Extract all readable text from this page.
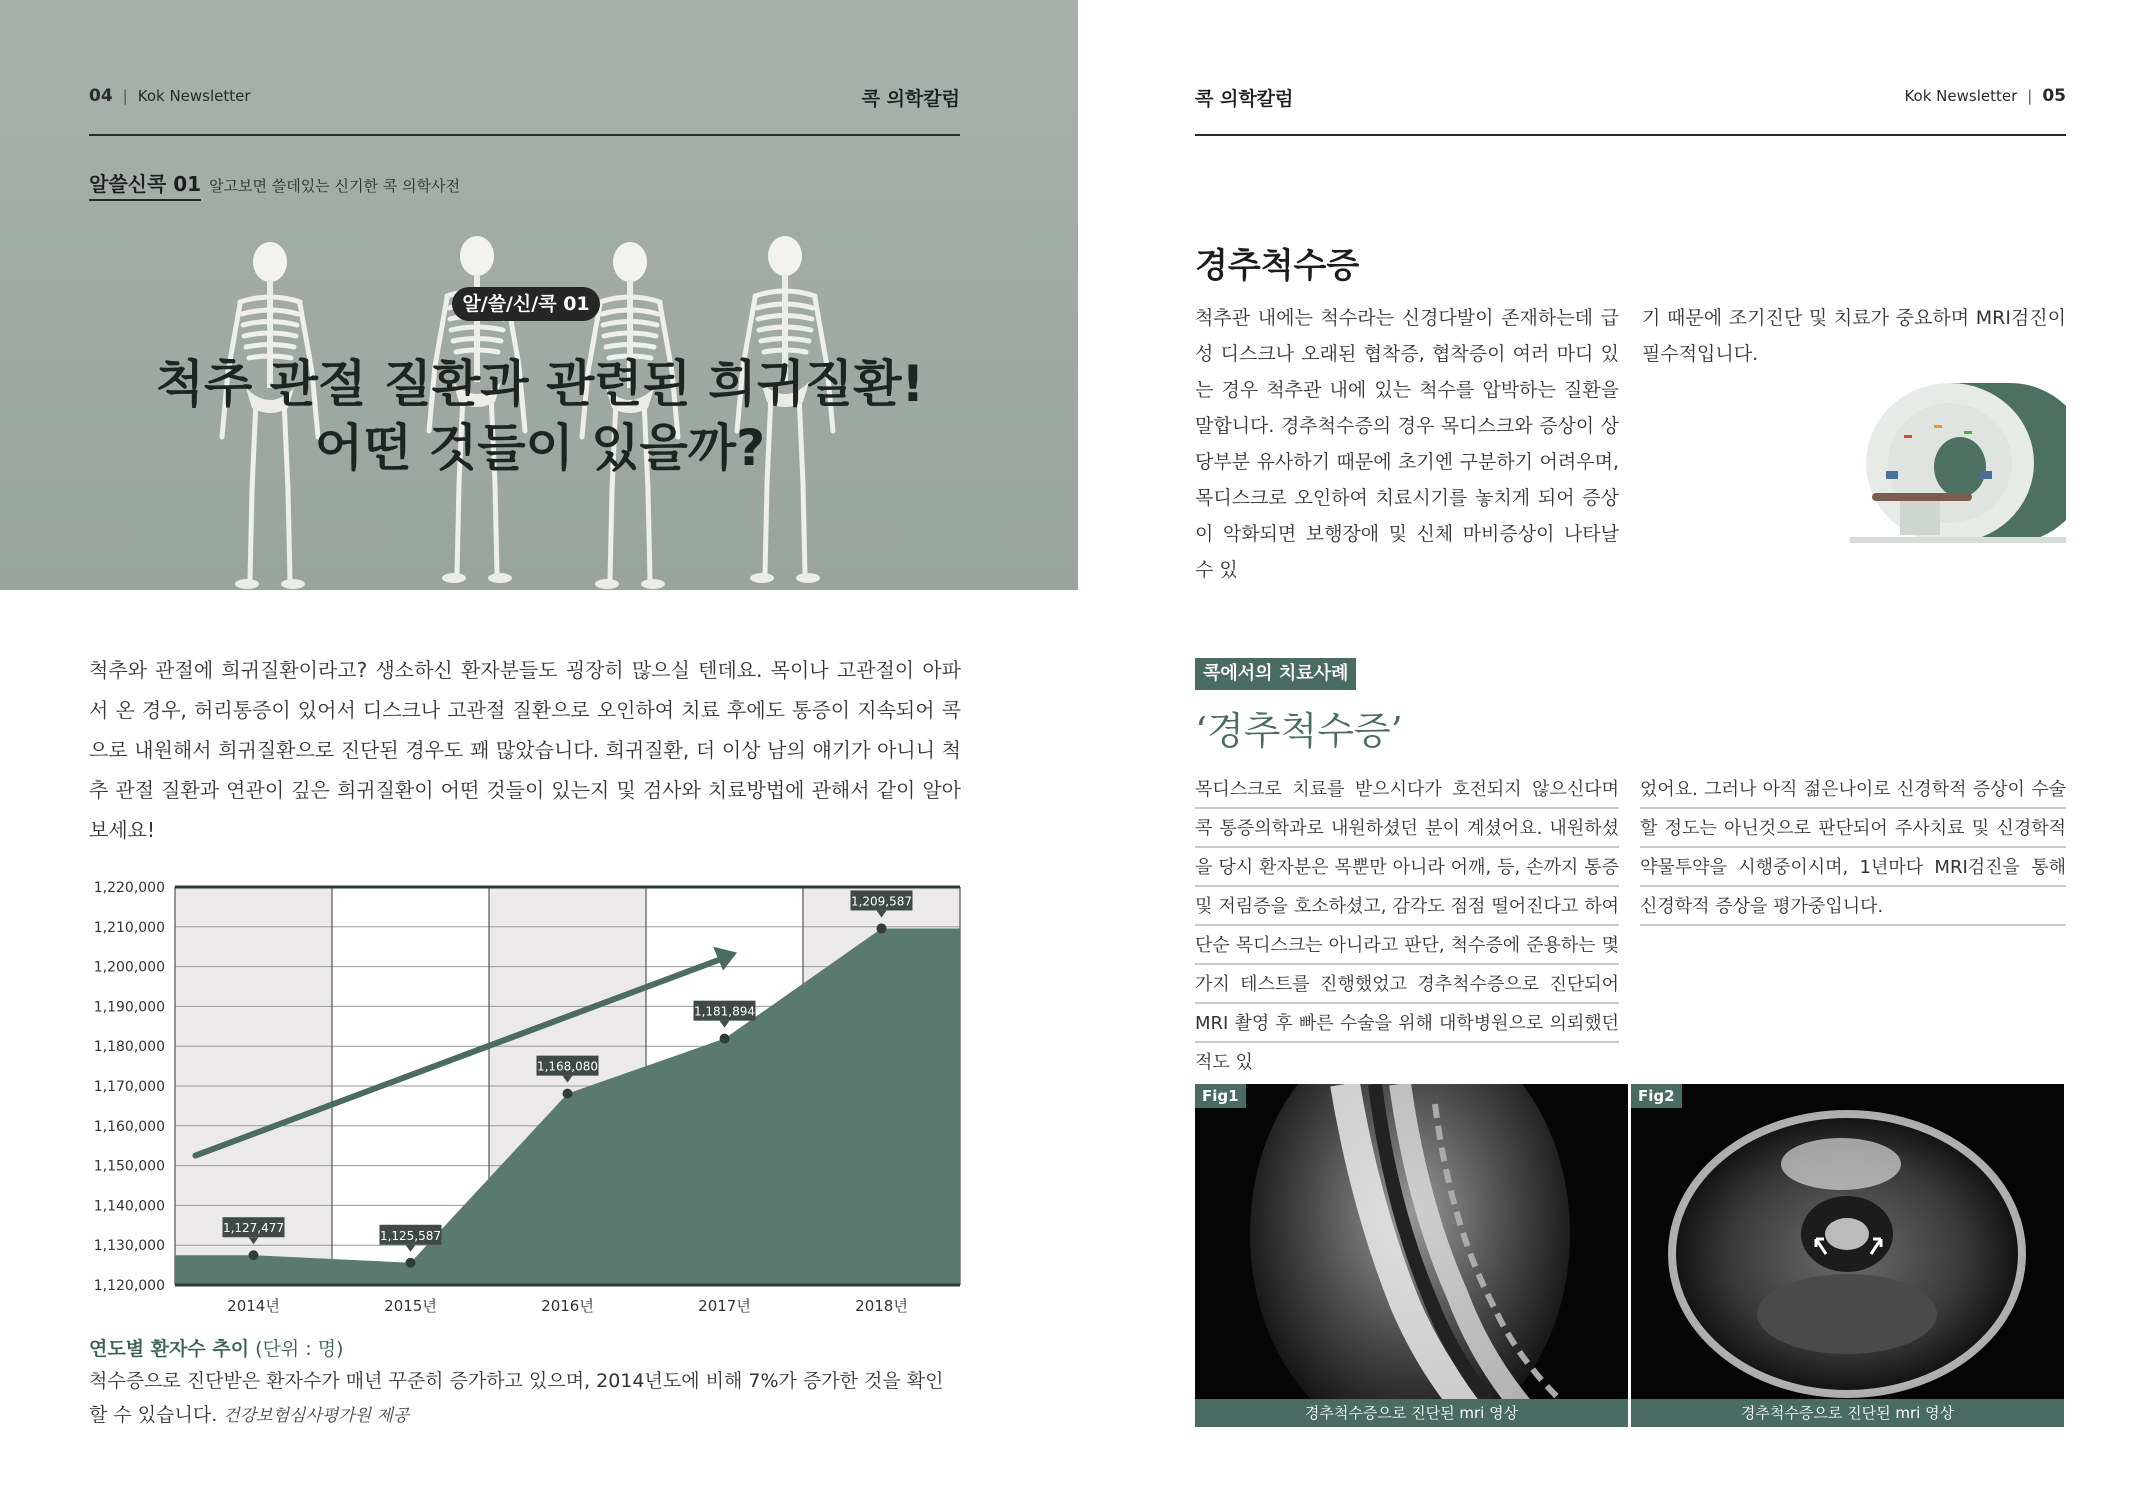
04 | Kok Newsletter	콕 의학칼럼
알쓸신콕 01 알고보면 쓸데있는 신기한 콕 의학사전
알/쓸/신/콕 01
척추 관절 질환과 관련된 희귀질환!
어떤 것들이 있을까?
척추와 관절에 희귀질환이라고? 생소하신 환자분들도 굉장히 많으실 텐데요. 목이나 고관절이 아파서 온 경우, 허리통증이 있어서 디스크나 고관절 질환으로 오인하여 치료 후에도 통증이 지속되어 콕으로 내원해서 희귀질환으로 진단된 경우도 꽤 많았습니다. 희귀질환, 더 이상 남의 얘기가 아니니 척추 관절 질환과 연관이 깊은 희귀질환이 어떤 것들이 있는지 및 검사와 치료방법에 관해서 같이 알아보세요!
1,120,000
1,130,000
1,140,000
1,150,000
1,160,000
1,170,000
1,180,000
1,190,000
1,200,000
1,210,000
1,220,000
1,127,477
1,125,587
1,168,080
1,181,894
1,209,587
2014년	2015년	2016년	2017년	2018년
연도별 환자수 추이 (단위 : 명)
척수증으로 진단받은 환자수가 매년 꾸준히 증가하고 있으며, 2014년도에 비해 7%가 증가한 것을 확인할 수 있습니다. 건강보험심사평가원 제공
콕 의학칼럼	Kok Newsletter | 05
경추척수증
척추관 내에는 척수라는 신경다발이 존재하는데 급성 디스크나 오래된 협착증, 협착증이 여러 마디 있는 경우 척추관 내에 있는 척수를 압박하는 질환을 말합니다. 경추척수증의 경우 목디스크와 증상이 상당부분 유사하기 때문에 초기엔 구분하기 어려우며, 목디스크로 오인하여 치료시기를 놓치게 되어 증상이 악화되면 보행장애 및 신체 마비증상이 나타날 수 있
기 때문에 조기진단 및 치료가 중요하며 MRI검진이 필수적입니다.
콕에서의 치료사례
‘경추척수증’
목디스크로 치료를 받으시다가 호전되지 않으신다며 콕 통증의학과로 내원하셨던 분이 계셨어요. 내원하셨을 당시 환자분은 목뿐만 아니라 어깨, 등, 손까지 통증 및 저림증을 호소하셨고, 감각도 점점 떨어진다고 하여 단순 목디스크는 아니라고 판단, 척수증에 준용하는 몇 가지 테스트를 진행했었고 경추척수증으로 진단되어 MRI 촬영 후 빠른 수술을 위해 대학병원으로 의뢰했던 적도 있
었어요. 그러나 아직 젊은나이로 신경학적 증상이 수술할 정도는 아닌것으로 판단되어 주사치료 및 신경학적 약물투약을 시행중이시며, 1년마다 MRI검진을 통해 신경학적 증상을 평가중입니다.
Fig1
경추척수증으로 진단된 mri 영상
Fig2
경추척수증으로 진단된 mri 영상
